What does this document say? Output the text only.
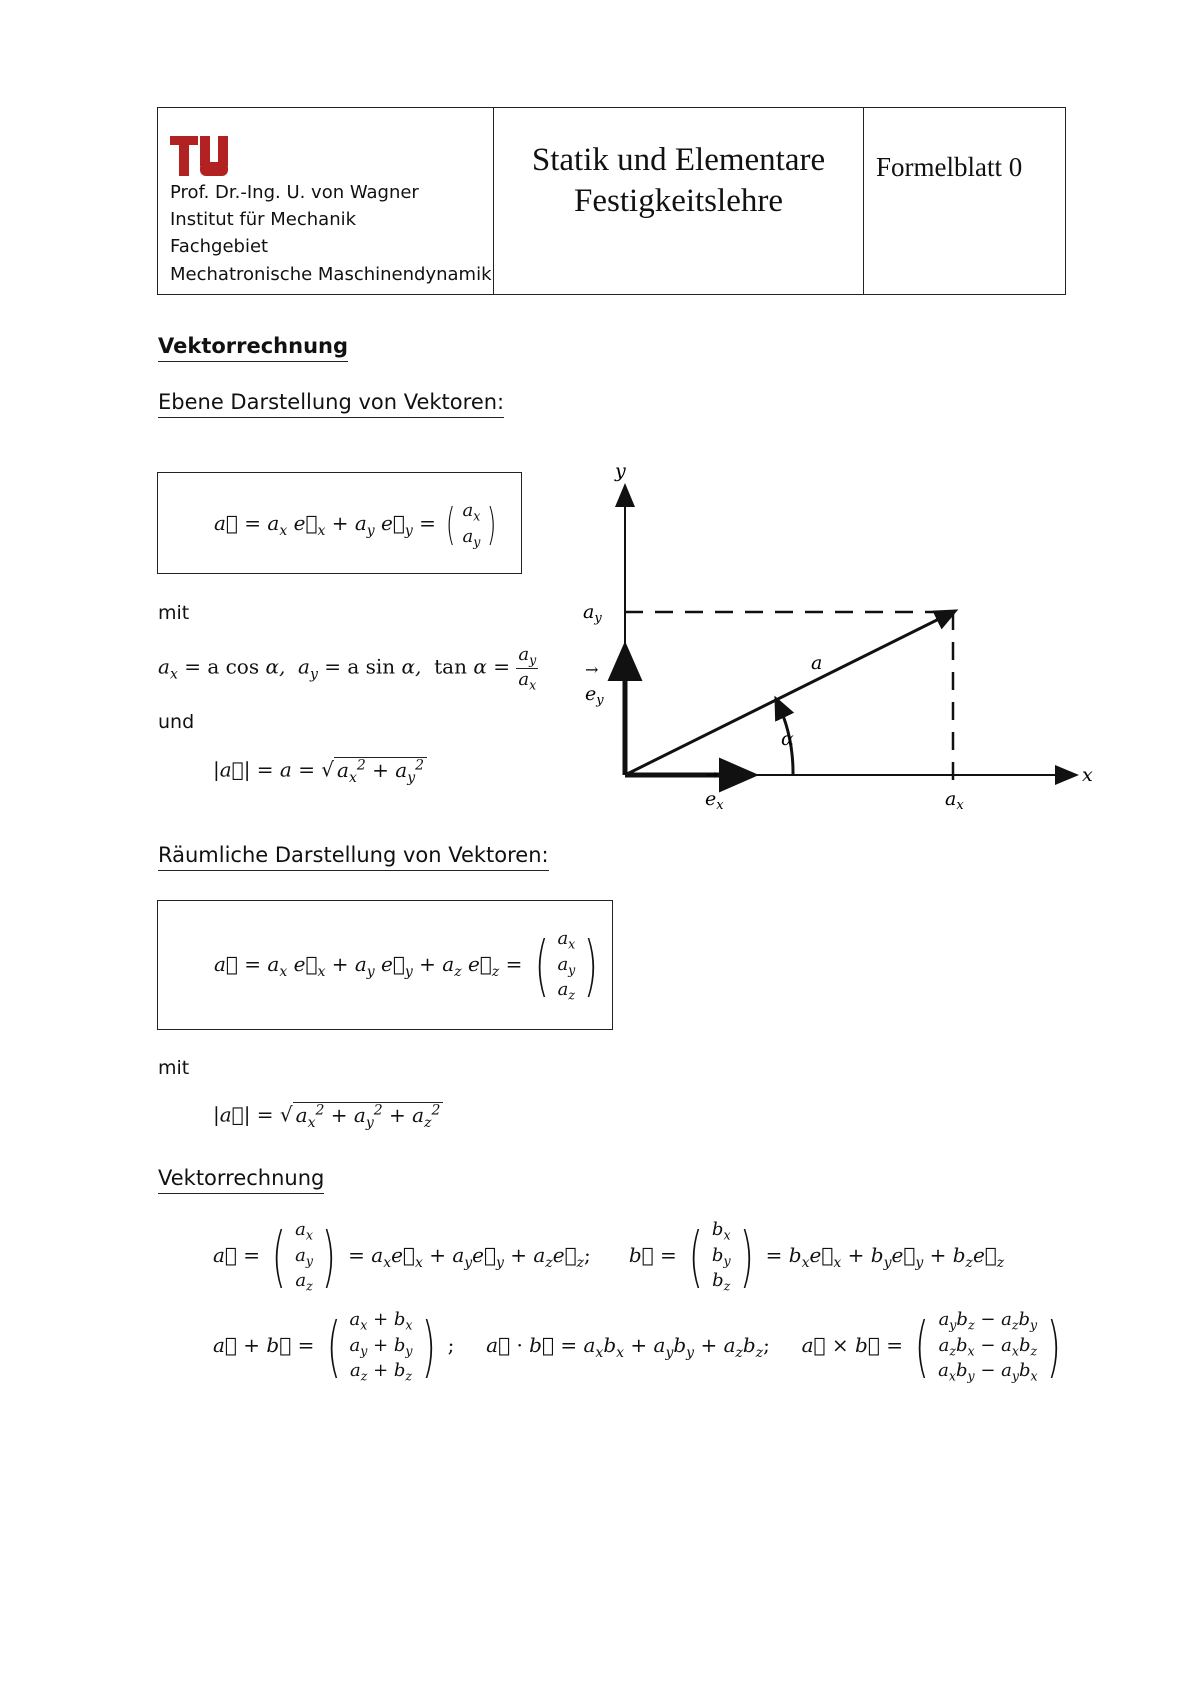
Prof. Dr.-Ing. U. von Wagner
Institut für Mechanik
Fachgebiet
Mechatronische Maschinendynamik
Statik und Elementare
Festigkeitslehre
Formelblatt 0
Vektorrechnung
Ebene Darstellung von Vektoren:
a⃗ = $a_x$ $e⃗_x + a_y$ $e⃗_y$ = ( $a_x$
$a_y$ )
mit
$a_x = a$ cos α,  $a_y = a$ sin α,  $\tan \alpha = \frac{a_y}{a_x}$
und
|a⃗| = a = √ $a_x^2 + a_y^2$
y
x
$a_y$
$a_x$
$e_y$
→
$e_x$
→
a
α
Räumliche Darstellung von Vektoren:
a⃗ = $a_x$ $e⃗_x + a_y$ $e⃗_y + a_z$ $e⃗_z$ = ( $a_x$
$a_y$
$a_z$ )
mit
|a⃗| = √ $a_x^2 + a_y^2 + a_z^2$
Vektorrechnung
a⃗ = ( $a_x$
$a_y$
$a_z$ ) = $a_xe⃗_x$ + $a_ye⃗_y$ + $a_ze⃗_z$;      b⃗ = ( $b_x$
$b_y$
$b_z$ ) = $b_xe⃗_x$ + $b_ye⃗_y$ + $b_ze⃗_z$
a⃗ + b⃗ = ( $a_x + b_x$
$a_y + b_y$
$a_z + b_z$ ) ;     a⃗ · b⃗ = $a_xb_x + a_yb_y + a_zb_z$;     a⃗ × b⃗ = ( $a_yb_z - a_zb_y$
$a_zb_x - a_xb_z$
$a_xb_y - a_yb_x$ )
